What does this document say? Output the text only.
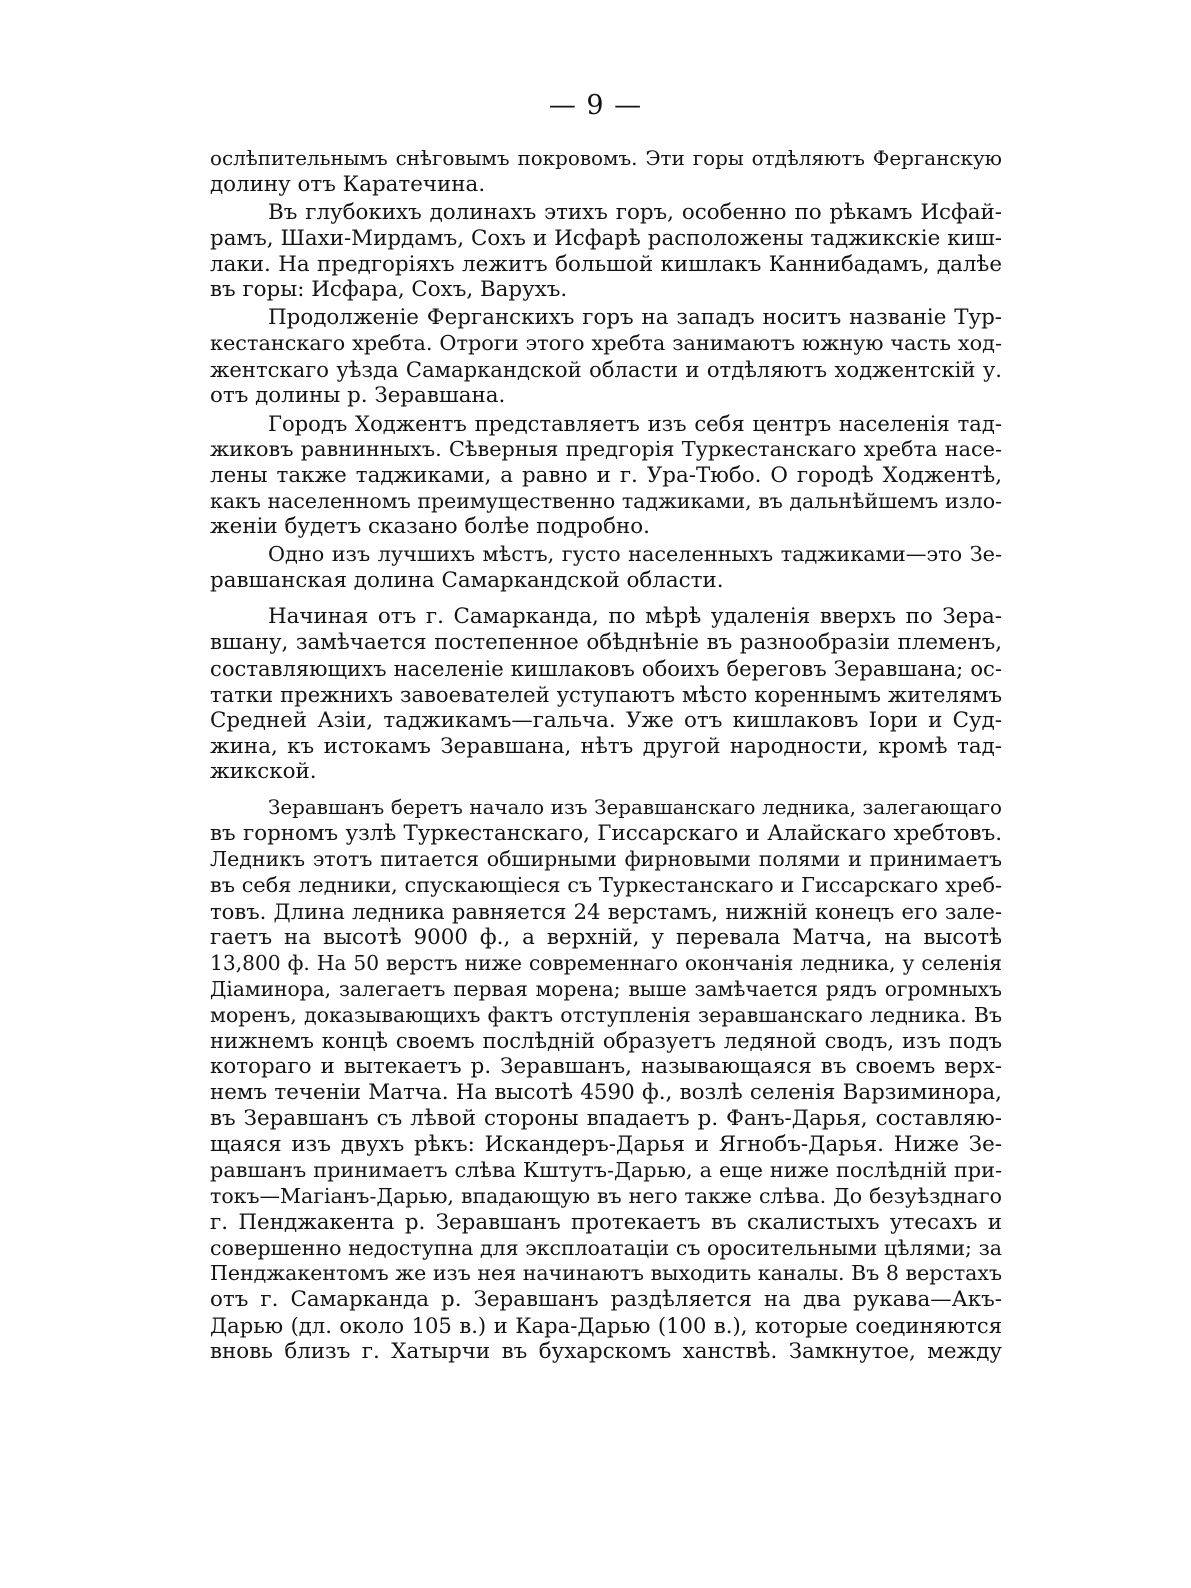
— 9 —
ослѣпительнымъ снѣговымъ покровомъ. Эти горы отдѣляютъ Ферганскую
долину отъ Каратечина.
Въ глубокихъ долинахъ этихъ горъ, особенно по рѣкамъ Исфай-
рамъ, Шахи-Мирдамъ, Сохъ и Исфарѣ расположены таджикскіе киш-
лаки. На предгоріяхъ лежитъ большой кишлакъ Каннибадамъ, далѣе
въ горы: Исфара, Сохъ, Варухъ.
Продолженіе Ферганскихъ горъ на западъ носитъ названіе Тур-
кестанскаго хребта. Отроги этого хребта занимаютъ южную часть ход-
жентскаго уѣзда Самаркандской области и отдѣляютъ ходжентскій у.
отъ долины р. Зеравшана.
Городъ Ходжентъ представляетъ изъ себя центръ населенія тад-
жиковъ равнинныхъ. Сѣверныя предгорія Туркестанскаго хребта насе-
лены также таджиками, а равно и г. Ура-Тюбо. О городѣ Ходжентѣ,
какъ населенномъ преимущественно таджиками, въ дальнѣйшемъ изло-
женіи будетъ сказано болѣе подробно.
Одно изъ лучшихъ мѣстъ, густо населенныхъ таджиками—это Зе-
равшанская долина Самаркандской области.
Начиная отъ г. Самарканда, по мѣрѣ удаленія вверхъ по Зера-
вшану, замѣчается постепенное обѣднѣніе въ разнообразіи племенъ,
составляющихъ населеніе кишлаковъ обоихъ береговъ Зеравшана; ос-
татки прежнихъ завоевателей уступаютъ мѣсто кореннымъ жителямъ
Средней Азіи, таджикамъ—гальча. Уже отъ кишлаковъ Іори и Суд-
жина, къ истокамъ Зеравшана, нѣтъ другой народности, кромѣ тад-
жикской.
Зеравшанъ беретъ начало изъ Зеравшанскаго ледника, залегающаго
въ горномъ узлѣ Туркестанскаго, Гиссарскаго и Алайскаго хребтовъ.
Ледникъ этотъ питается обширными фирновыми полями и принимаетъ
въ себя ледники, спускающіеся съ Туркестанскаго и Гиссарскаго хреб-
товъ. Длина ледника равняется 24 верстамъ, нижній конецъ его зале-
гаетъ на высотѣ 9000 ф., а верхній, у перевала Матча, на высотѣ
13,800 ф. На 50 верстъ ниже современнаго окончанія ледника, у селенія
Діаминора, залегаетъ первая морена; выше замѣчается рядъ огромныхъ
моренъ, доказывающихъ фактъ отступленія зеравшанскаго ледника. Въ
нижнемъ концѣ своемъ послѣдній образуетъ ледяной сводъ, изъ подъ
котораго и вытекаетъ р. Зеравшанъ, называющаяся въ своемъ верх-
немъ теченіи Матча. На высотѣ 4590 ф., возлѣ селенія Варзиминора,
въ Зеравшанъ съ лѣвой стороны впадаетъ р. Фанъ-Дарья, составляю-
щаяся изъ двухъ рѣкъ: Искандеръ-Дарья и Ягнобъ-Дарья. Ниже Зе-
равшанъ принимаетъ слѣва Кштутъ-Дарью, а еще ниже послѣдній при-
токъ—Магіанъ-Дарью, впадающую въ него также слѣва. До безуѣзднаго
г. Пенджакента р. Зеравшанъ протекаетъ въ скалистыхъ утесахъ и
совершенно недоступна для эксплоатаціи съ оросительными цѣлями; за
Пенджакентомъ же изъ нея начинаютъ выходить каналы. Въ 8 верстахъ
отъ г. Самарканда р. Зеравшанъ раздѣляется на два рукава—Акъ-
Дарью (дл. около 105 в.) и Кара-Дарью (100 в.), которые соединяются
вновь близъ г. Хатырчи въ бухарскомъ ханствѣ. Замкнутое, между
